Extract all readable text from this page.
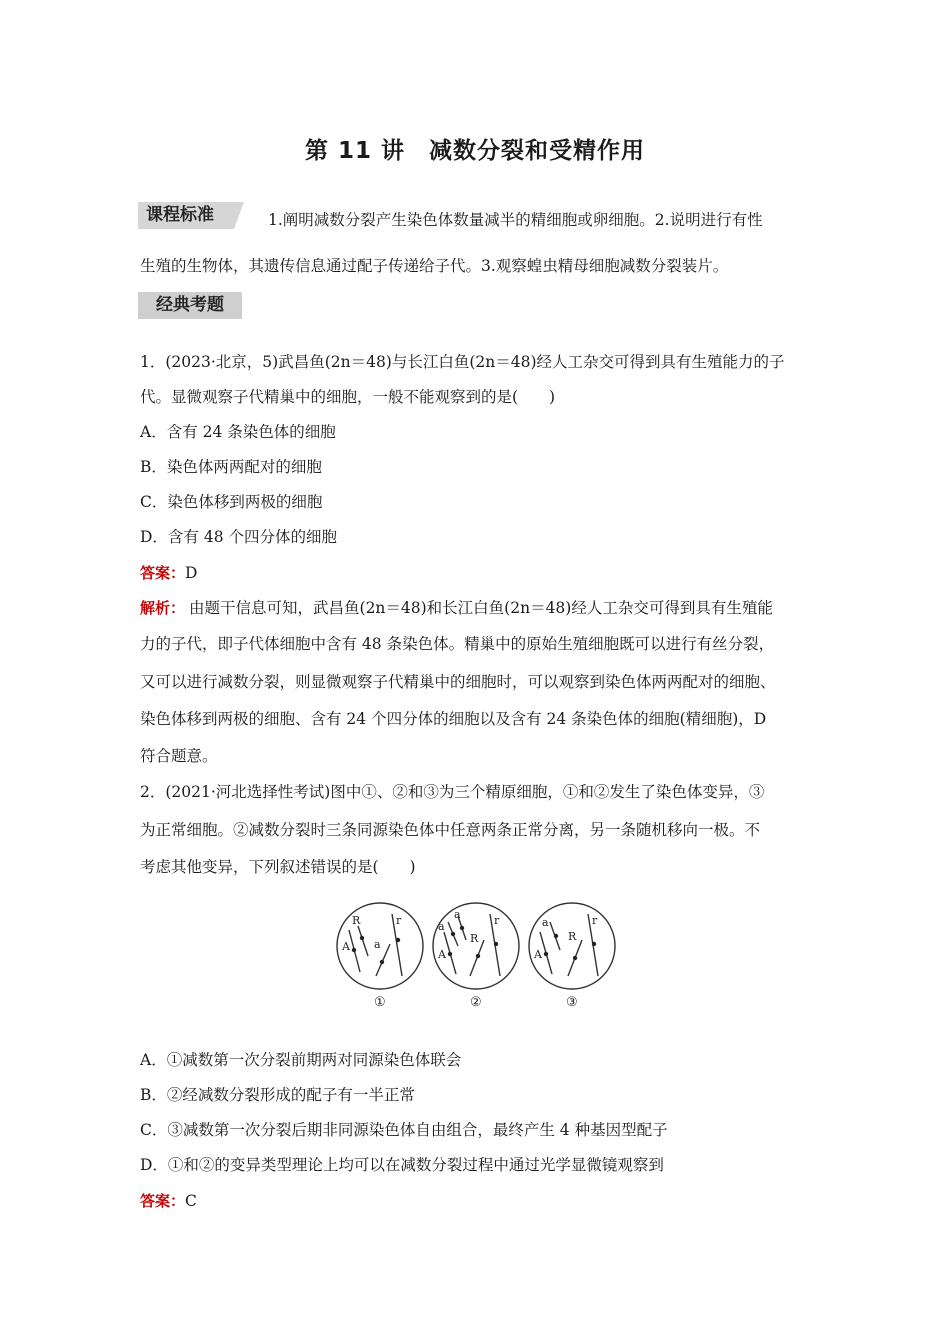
第 11 讲　减数分裂和受精作用
课程标准	1.阐明减数分裂产生染色体数量减半的精细胞或卵细胞。2.说明进行有性
生殖的生物体，其遗传信息通过配子传递给子代。3.观察蝗虫精母细胞减数分裂装片。
经典考题
1．(2023·北京，5)武昌鱼(2n＝48)与长江白鱼(2n＝48)经人工杂交可得到具有生殖能力的子
代。显微观察子代精巢中的细胞，一般不能观察到的是(　　)
A．含有 24 条染色体的细胞
B．染色体两两配对的细胞
C．染色体移到两极的细胞
D．含有 48 个四分体的细胞
答案：D
解析： 由题干信息可知，武昌鱼(2n＝48)和长江白鱼(2n＝48)经人工杂交可得到具有生殖能
力的子代，即子代体细胞中含有 48 条染色体。精巢中的原始生殖细胞既可以进行有丝分裂，
又可以进行减数分裂，则显微观察子代精巢中的细胞时，可以观察到染色体两两配对的细胞、
染色体移到两极的细胞、含有 24 个四分体的细胞以及含有 24 条染色体的细胞(精细胞)，D
符合题意。
2．(2021·河北选择性考试)图中①、②和③为三个精原细胞，①和②发生了染色体变异，③
为正常细胞。②减数分裂时三条同源染色体中任意两条正常分离，另一条随机移向一极。不
考虑其他变异，下列叙述错误的是(　　)
R
A a
r
①
a
a
R
A
r
②
a
R
A
r
③
A．①减数第一次分裂前期两对同源染色体联会
B．②经减数分裂形成的配子有一半正常
C．③减数第一次分裂后期非同源染色体自由组合，最终产生 4 种基因型配子
D．①和②的变异类型理论上均可以在减数分裂过程中通过光学显微镜观察到
答案：C
